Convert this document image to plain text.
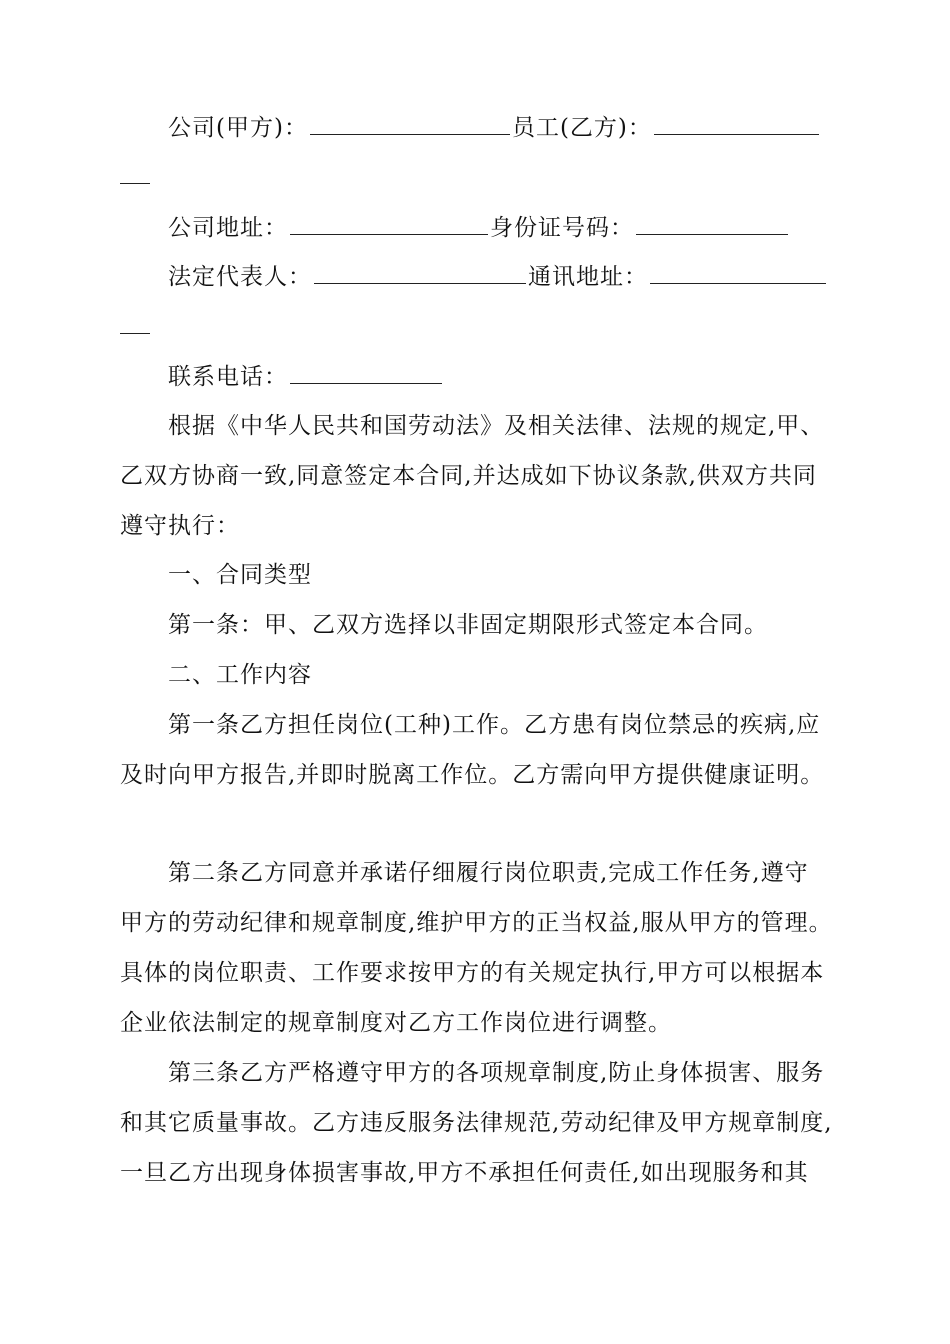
公司(甲方)：	员工(乙方)：
公司地址：	身份证号码：
法定代表人：	通讯地址：
联系电话：
根据《中华人民共和国劳动法》及相关法律、法规的规定,甲、
乙双方协商一致,同意签定本合同,并达成如下协议条款,供双方共同
遵守执行：
一、合同类型
第一条：甲、乙双方选择以非固定期限形式签定本合同。
二、工作内容
第一条乙方担任岗位(工种)工作。乙方患有岗位禁忌的疾病,应
及时向甲方报告,并即时脱离工作位。乙方需向甲方提供健康证明。
第二条乙方同意并承诺仔细履行岗位职责,完成工作任务,遵守
甲方的劳动纪律和规章制度,维护甲方的正当权益,服从甲方的管理。
具体的岗位职责、工作要求按甲方的有关规定执行,甲方可以根据本
企业依法制定的规章制度对乙方工作岗位进行调整。
第三条乙方严格遵守甲方的各项规章制度,防止身体损害、服务
和其它质量事故。乙方违反服务法律规范,劳动纪律及甲方规章制度,
一旦乙方出现身体损害事故,甲方不承担任何责任,如出现服务和其
